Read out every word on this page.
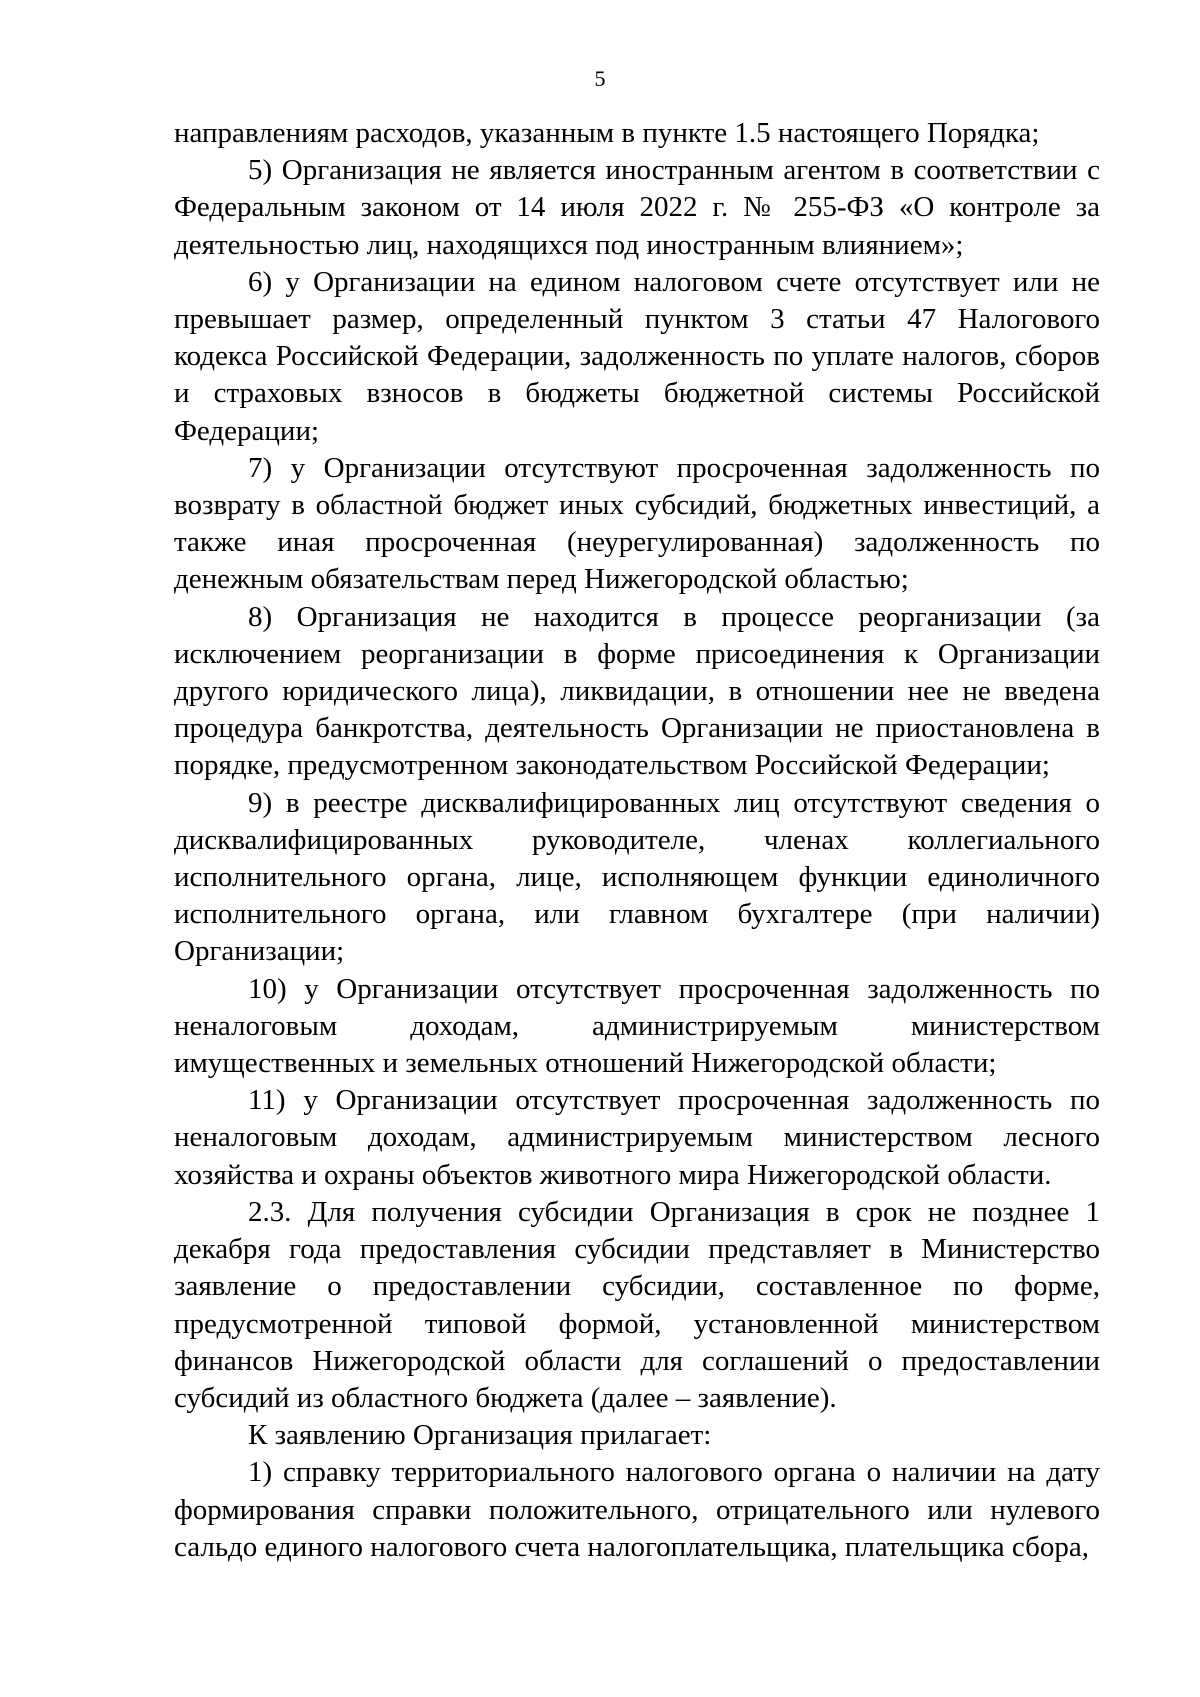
5

направлениям расходов, указанным в пункте 1.5 настоящего Порядка;

5) Организация не является иностранным агентом в соответствии с Федеральным законом от 14 июля 2022 г. № 255-ФЗ «О контроле за деятельностью лиц, находящихся под иностранным влиянием»;

6) у Организации на едином налоговом счете отсутствует или не превышает размер, определенный пунктом 3 статьи 47 Налогового кодекса Российской Федерации, задолженность по уплате налогов, сборов и страховых взносов в бюджеты бюджетной системы Российской Федерации;

7) у Организации отсутствуют просроченная задолженность по возврату в областной бюджет иных субсидий, бюджетных инвестиций, а также иная просроченная (неурегулированная) задолженность по денежным обязательствам перед Нижегородской областью;

8) Организация не находится в процессе реорганизации (за исключением реорганизации в форме присоединения к Организации другого юридического лица), ликвидации, в отношении нее не введена процедура банкротства, деятельность Организации не приостановлена в порядке, предусмотренном законодательством Российской Федерации;

9) в реестре дисквалифицированных лиц отсутствуют сведения о дисквалифицированных руководителе, членах коллегиального исполнительного органа, лице, исполняющем функции единоличного исполнительного органа, или главном бухгалтере (при наличии) Организации;

10) у Организации отсутствует просроченная задолженность по неналоговым доходам, администрируемым министерством имущественных и земельных отношений Нижегородской области;

11) у Организации отсутствует просроченная задолженность по неналоговым доходам, администрируемым министерством лесного хозяйства и охраны объектов животного мира Нижегородской области.

2.3. Для получения субсидии Организация в срок не позднее 1 декабря года предоставления субсидии представляет в Министерство заявление о предоставлении субсидии, составленное по форме, предусмотренной типовой формой, установленной министерством финансов Нижегородской области для соглашений о предоставлении субсидий из областного бюджета (далее – заявление).

К заявлению Организация прилагает:

1) справку территориального налогового органа о наличии на дату формирования справки положительного, отрицательного или нулевого сальдо единого налогового счета налогоплательщика, плательщика сбора,
